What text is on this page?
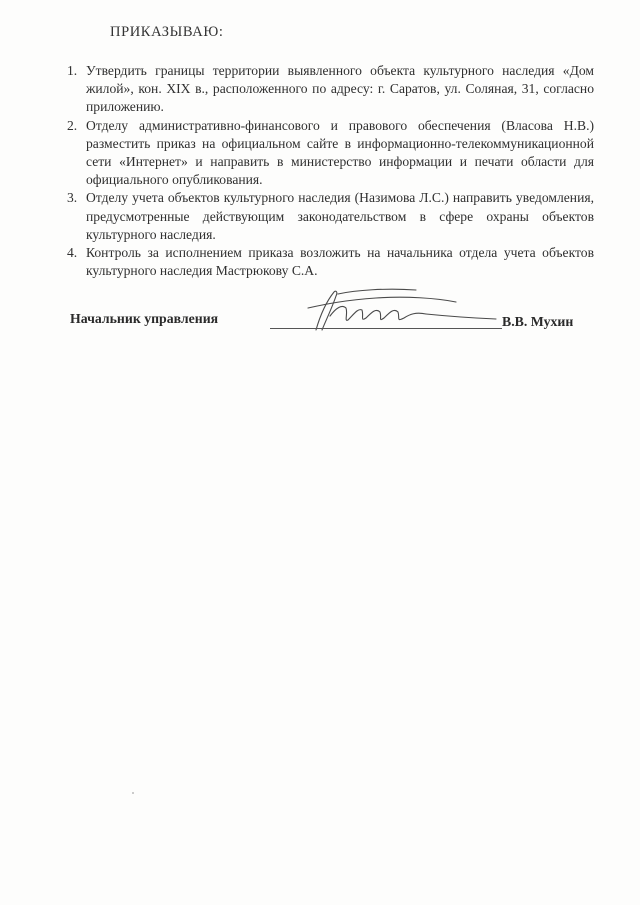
ПРИКАЗЫВАЮ:
1. Утвердить границы территории выявленного объекта культурного наследия «Дом жилой», кон. XIX в., расположенного по адресу: г. Саратов, ул. Соляная, 31, согласно приложению.
2. Отделу административно-финансового и правового обеспечения (Власова Н.В.) разместить приказ на официальном сайте в информационно-телекоммуникационной сети «Интернет» и направить в министерство информации и печати области для официального опубликования.
3. Отделу учета объектов культурного наследия (Назимова Л.С.) направить уведомления, предусмотренные действующим законодательством в сфере охраны объектов культурного наследия.
4. Контроль за исполнением приказа возложить на начальника отдела учета объектов культурного наследия Мастрюкову С.А.
Начальник управления	В.В. Мухин
